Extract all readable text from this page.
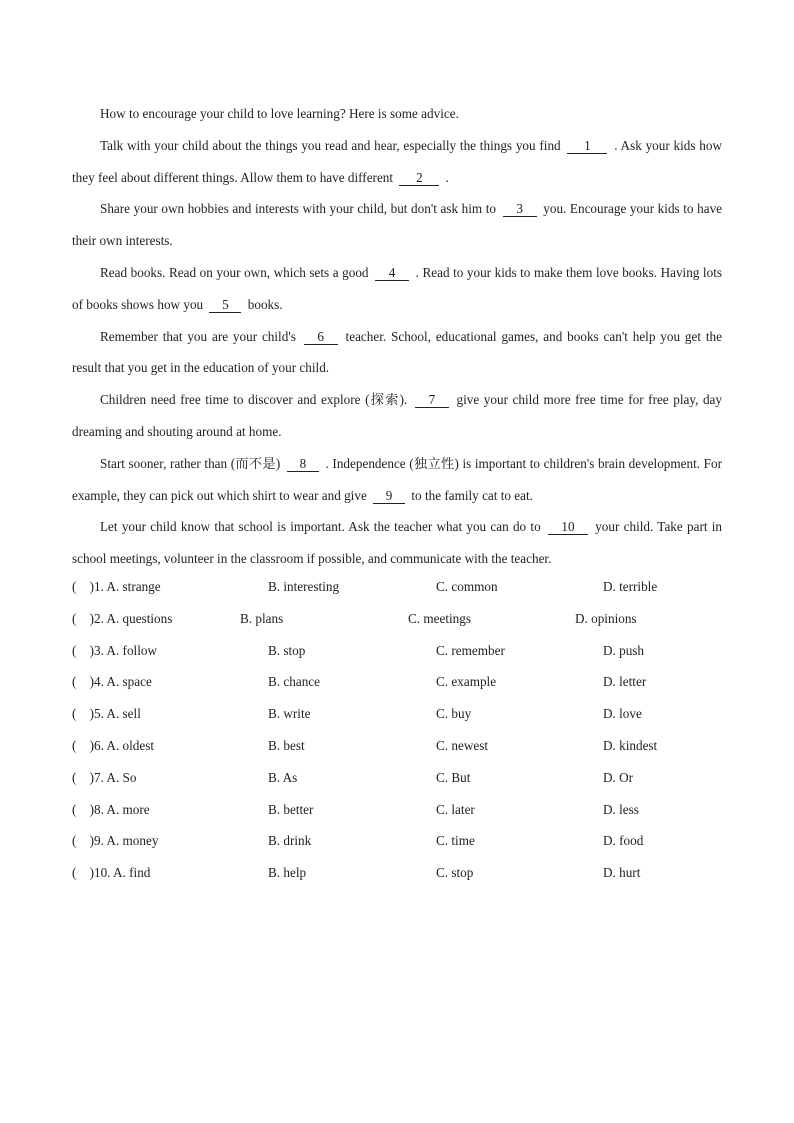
How to encourage your child to love learning? Here is some advice.

Talk with your child about the things you read and hear, especially the things you find 1 . Ask your kids how they feel about different things. Allow them to have different 2 .

Share your own hobbies and interests with your child, but don't ask him to 3 you. Encourage your kids to have their own interests.

Read books. Read on your own, which sets a good 4 . Read to your kids to make them love books. Having lots of books shows how you 5 books.

Remember that you are your child's 6 teacher. School, educational games, and books can't help you get the result that you get in the education of your child.

Children need free time to discover and explore (探索). 7 give your child more free time for free play, day dreaming and shouting around at home.

Start sooner, rather than (而不是) 8 . Independence (独立性) is important to children's brain development. For example, they can pick out which shirt to wear and give 9 to the family cat to eat.

Let your child know that school is important. Ask the teacher what you can do to 10 your child. Take part in school meetings, volunteer in the classroom if possible, and communicate with the teacher.

(　)1. A. strange	B. interesting	C. common	D. terrible
(　)2. A. questions	B. plans	C. meetings	D. opinions
(　)3. A. follow	B. stop	C. remember	D. push
(　)4. A. space	B. chance	C. example	D. letter
(　)5. A. sell	B. write	C. buy	D. love
(　)6. A. oldest	B. best	C. newest	D. kindest
(　)7. A. So	B. As	C. But	D. Or
(　)8. A. more	B. better	C. later	D. less
(　)9. A. money	B. drink	C. time	D. food
(　)10. A. find	B. help	C. stop	D. hurt
